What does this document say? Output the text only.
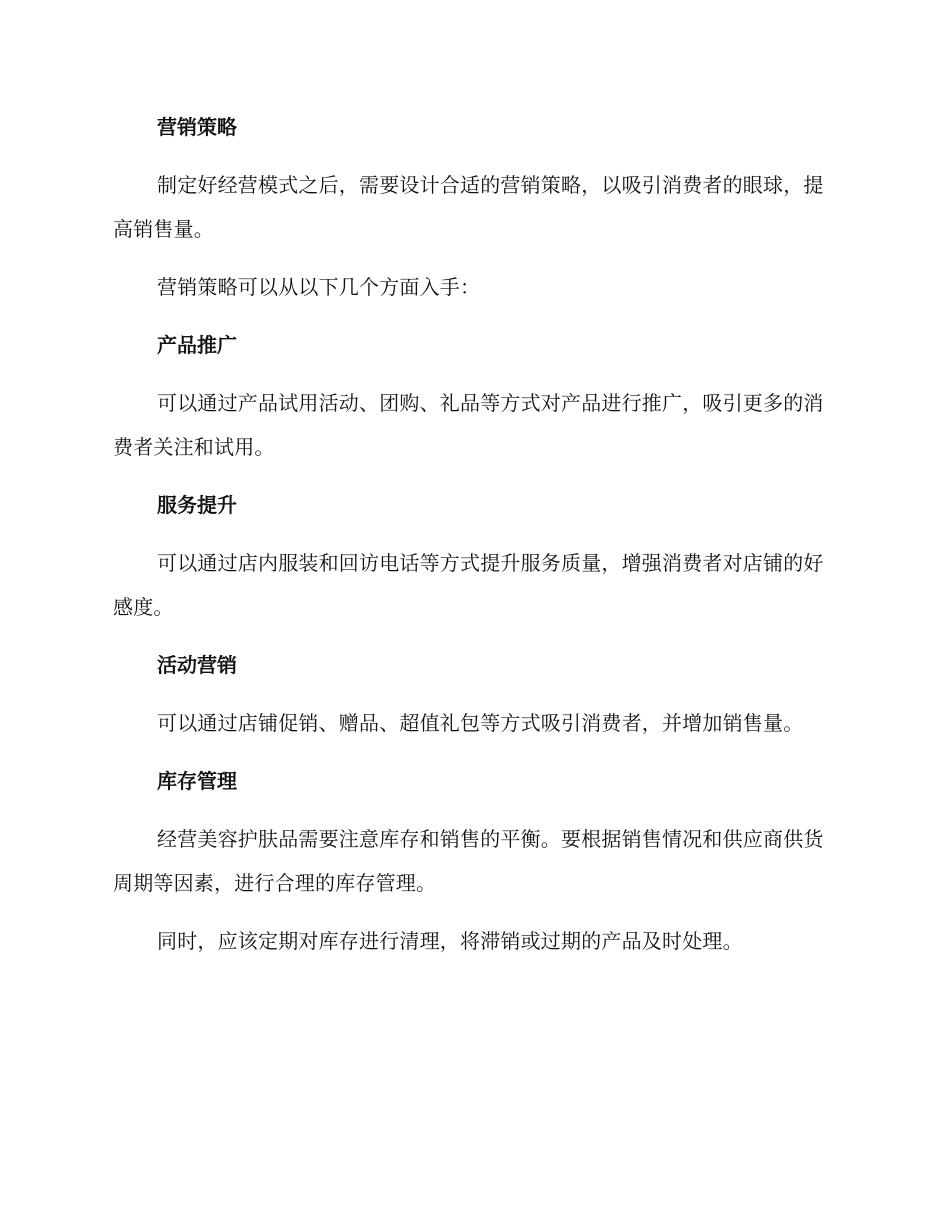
营销策略

制定好经营模式之后，需要设计合适的营销策略，以吸引消费者的眼球，提高销售量。

营销策略可以从以下几个方面入手：

产品推广

可以通过产品试用活动、团购、礼品等方式对产品进行推广，吸引更多的消费者关注和试用。

服务提升

可以通过店内服装和回访电话等方式提升服务质量，增强消费者对店铺的好感度。

活动营销

可以通过店铺促销、赠品、超值礼包等方式吸引消费者，并增加销售量。

库存管理

经营美容护肤品需要注意库存和销售的平衡。要根据销售情况和供应商供货周期等因素，进行合理的库存管理。

同时，应该定期对库存进行清理，将滞销或过期的产品及时处理。
